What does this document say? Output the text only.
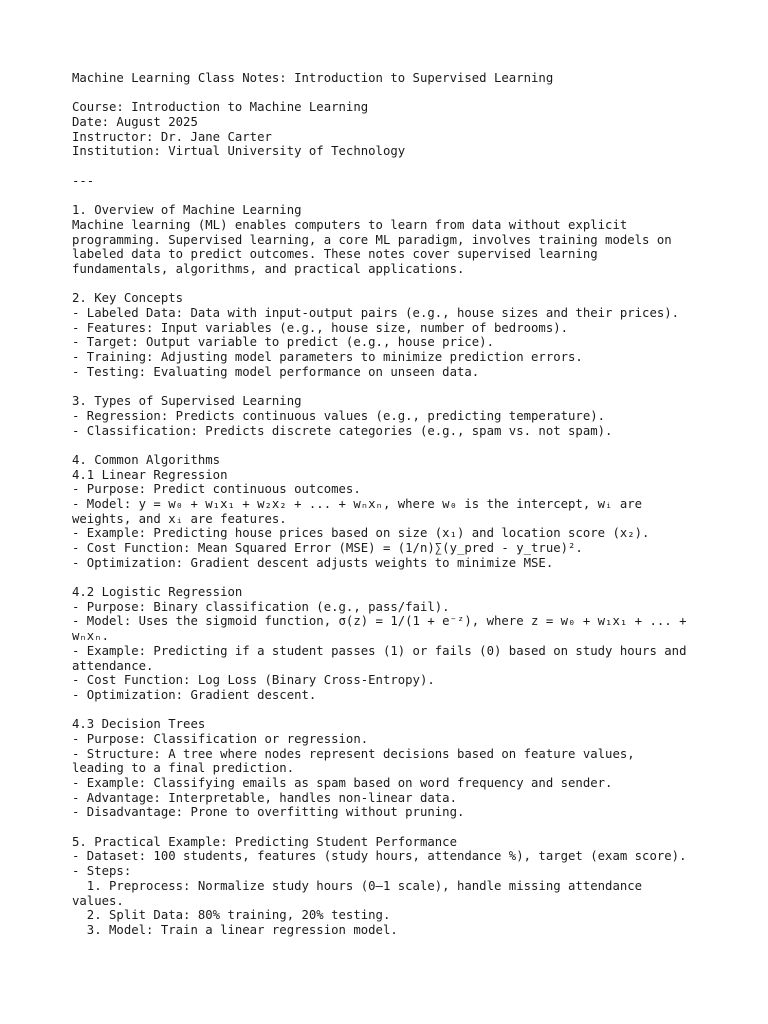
Machine Learning Class Notes: Introduction to Supervised Learning
Course: Introduction to Machine Learning
Date: August 2025
Instructor: Dr. Jane Carter
Institution: Virtual University of Technology
---
1. Overview of Machine Learning
Machine learning (ML) enables computers to learn from data without explicit
programming. Supervised learning, a core ML paradigm, involves training models on
labeled data to predict outcomes. These notes cover supervised learning
fundamentals, algorithms, and practical applications.
2. Key Concepts
- Labeled Data: Data with input-output pairs (e.g., house sizes and their prices).
- Features: Input variables (e.g., house size, number of bedrooms).
- Target: Output variable to predict (e.g., house price).
- Training: Adjusting model parameters to minimize prediction errors.
- Testing: Evaluating model performance on unseen data.
3. Types of Supervised Learning
- Regression: Predicts continuous values (e.g., predicting temperature).
- Classification: Predicts discrete categories (e.g., spam vs. not spam).
4. Common Algorithms
4.1 Linear Regression
- Purpose: Predict continuous outcomes.
- Model: y = w₀ + w₁x₁ + w₂x₂ + ... + wₙxₙ, where w₀ is the intercept, wᵢ are
weights, and xᵢ are features.
- Example: Predicting house prices based on size (x₁) and location score (x₂).
- Cost Function: Mean Squared Error (MSE) = (1/n)∑(y_pred - y_true)².
- Optimization: Gradient descent adjusts weights to minimize MSE.
4.2 Logistic Regression
- Purpose: Binary classification (e.g., pass/fail).
- Model: Uses the sigmoid function, σ(z) = 1/(1 + e⁻ᶻ), where z = w₀ + w₁x₁ + ... +
wₙxₙ.
- Example: Predicting if a student passes (1) or fails (0) based on study hours and
attendance.
- Cost Function: Log Loss (Binary Cross-Entropy).
- Optimization: Gradient descent.
4.3 Decision Trees
- Purpose: Classification or regression.
- Structure: A tree where nodes represent decisions based on feature values,
leading to a final prediction.
- Example: Classifying emails as spam based on word frequency and sender.
- Advantage: Interpretable, handles non-linear data.
- Disadvantage: Prone to overfitting without pruning.
5. Practical Example: Predicting Student Performance
- Dataset: 100 students, features (study hours, attendance %), target (exam score).
- Steps:
1. Preprocess: Normalize study hours (0–1 scale), handle missing attendance
values.
2. Split Data: 80% training, 20% testing.
3. Model: Train a linear regression model.
